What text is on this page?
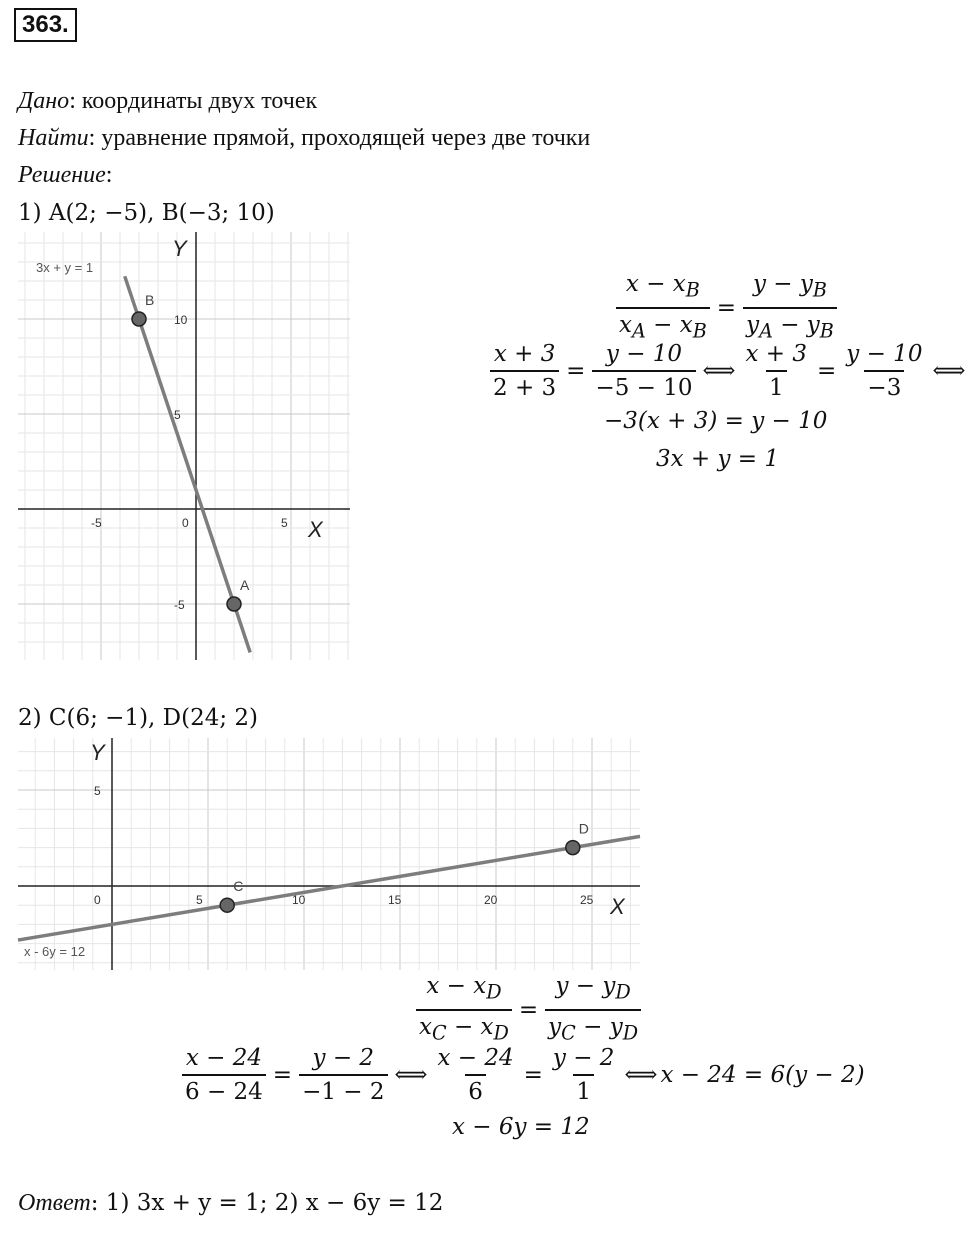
363.
Дано: координаты двух точек
Найти: уравнение прямой, проходящей через две точки
Решение:
1) A(2; −5), B(−3; 10)
-5	0	5
10
5
-5
X
Y
3x + y = 1
B
A
$\frac{x - x_B}{x_A - x_B} = \frac{y - y_B}{y_A - y_B}$
$\frac{x + 3}{2 + 3} = \frac{y - 10}{-5 - 10}$ ⟺ $\frac{x + 3}{1} = \frac{y - 10}{-3}$ ⟺
−3(x + 3) = y − 10
3x + y = 1
2) C(6; −1), D(24; 2)
0	5	10	15	20	25
5
X
Y
x - 6y = 12
C
D
$\frac{x - x_D}{x_C - x_D} = \frac{y - y_D}{y_C - y_D}$
$\frac{x - 24}{6 - 24} = \frac{y - 2}{-1 - 2}$ ⟺ $\frac{x - 24}{6} = \frac{y - 2}{1}$ ⟺ x − 24 = 6(y − 2)
x − 6y = 12
Ответ: 1) 3x + y = 1; 2) x − 6y = 12
